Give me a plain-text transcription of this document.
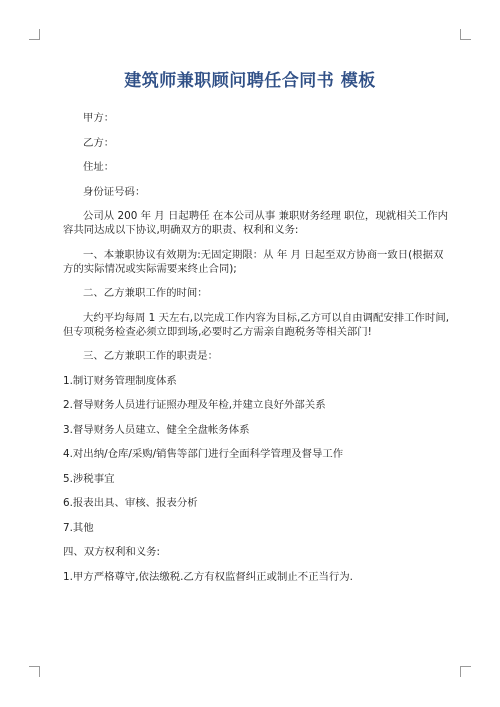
建筑师兼职顾问聘任合同书 模板

甲方：

乙方：

住址：

身份证号码：

公司从 200 年 月 日起聘任 在本公司从事 兼职财务经理 职位，现就相关工作内

容共同达成以下协议,明确双方的职责、权利和义务:

一、本兼职协议有效期为:无固定期限：从 年 月 日起至双方协商一致日(根据双

方的实际情况或实际需要来终止合同);

二、乙方兼职工作的时间：

大约平均每周 1 天左右,以完成工作内容为目标,乙方可以自由调配安排工作时间,

但专项税务检查必须立即到场,必要时乙方需亲自跑税务等相关部门!

三、乙方兼职工作的职责是：

1.制订财务管理制度体系

2.督导财务人员进行证照办理及年检,并建立良好外部关系

3.督导财务人员建立、健全全盘帐务体系

4.对出纳/仓库/采购/销售等部门进行全面科学管理及督导工作

5.涉税事宜

6.报表出具、审核、报表分析

7.其他

四、双方权利和义务:

1.甲方严格尊守,依法缴税.乙方有权监督纠正或制止不正当行为.
